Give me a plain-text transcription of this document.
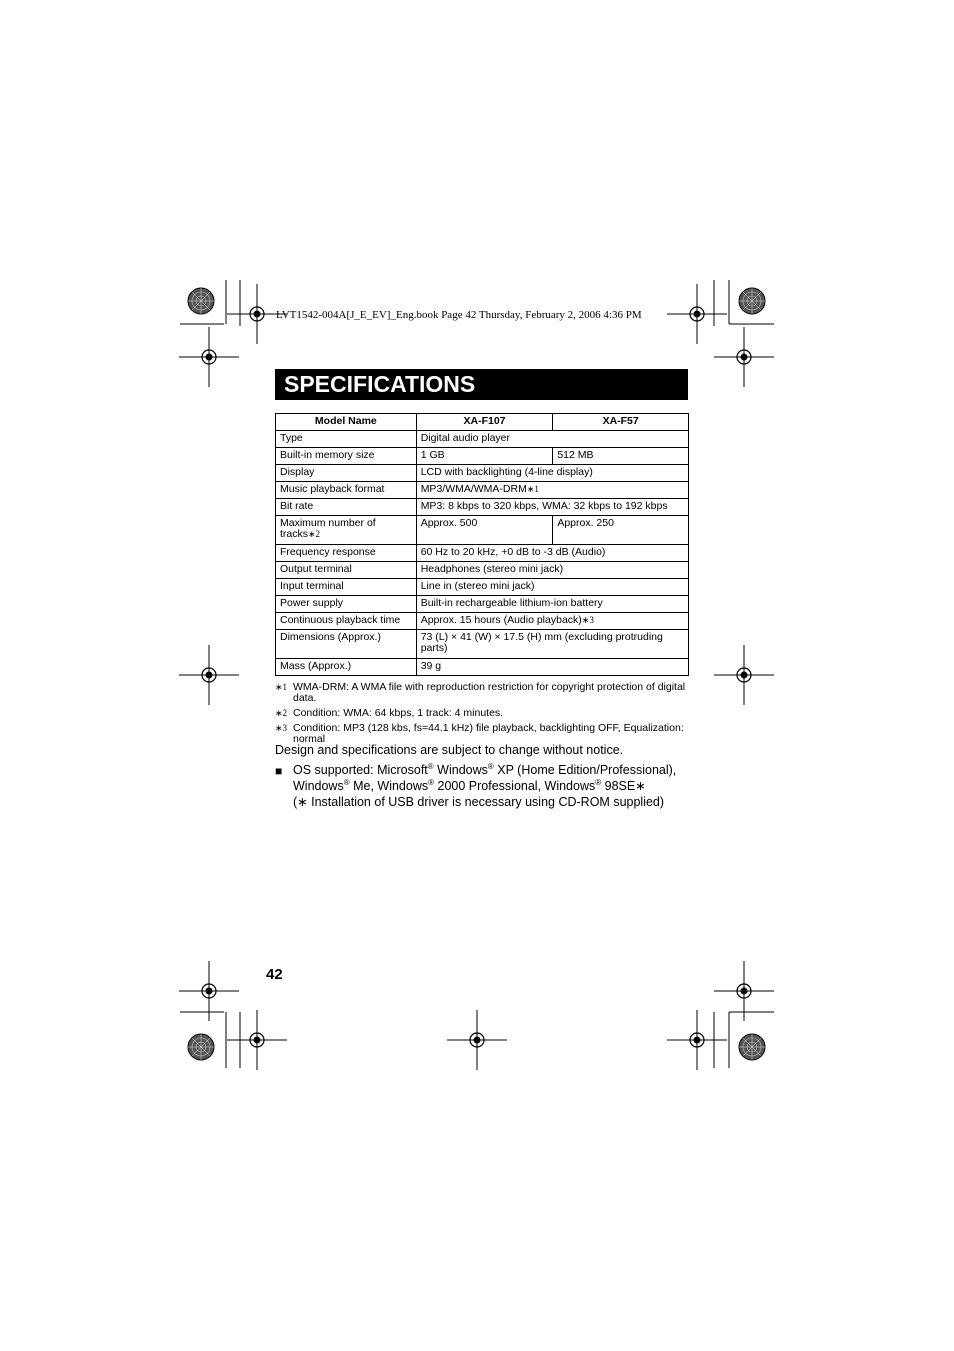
LVT1542-004A[J_E_EV]_Eng.book Page 42 Thursday, February 2, 2006 4:36 PM
SPECIFICATIONS
Model Name	XA-F107	XA-F57
Type	Digital audio player	
Built-in memory size	1 GB	512 MB
Display	LCD with backlighting (4-line display)	
Music playback format	MP3/WMA/WMA-DRM∗1	
Bit rate	MP3: 8 kbps to 320 kbps, WMA: 32 kbps to 192 kbps	
Maximum number of tracks∗2	Approx. 500	Approx. 250
Frequency response	60 Hz to 20 kHz, +0 dB to -3 dB (Audio)	
Output terminal	Headphones (stereo mini jack)	
Input terminal	Line in (stereo mini jack)	
Power supply	Built-in rechargeable lithium-ion battery	
Continuous playback time	Approx. 15 hours (Audio playback)∗3	
Dimensions (Approx.)	73 (L) × 41 (W) × 17.5 (H) mm (excluding protruding parts)	
Mass (Approx.)	39 g	
∗1 WMA-DRM: A WMA file with reproduction restriction for copyright protection of digital data.
∗2 Condition: WMA: 64 kbps, 1 track: 4 minutes.
∗3 Condition: MP3 (128 kbs, fs=44.1 kHz) file playback, backlighting OFF, Equalization: normal
Design and specifications are subject to change without notice.
■ OS supported: Microsoft® Windows® XP (Home Edition/Professional),
Windows® Me, Windows® 2000 Professional, Windows® 98SE∗
(∗ Installation of USB driver is necessary using CD-ROM supplied)
42
